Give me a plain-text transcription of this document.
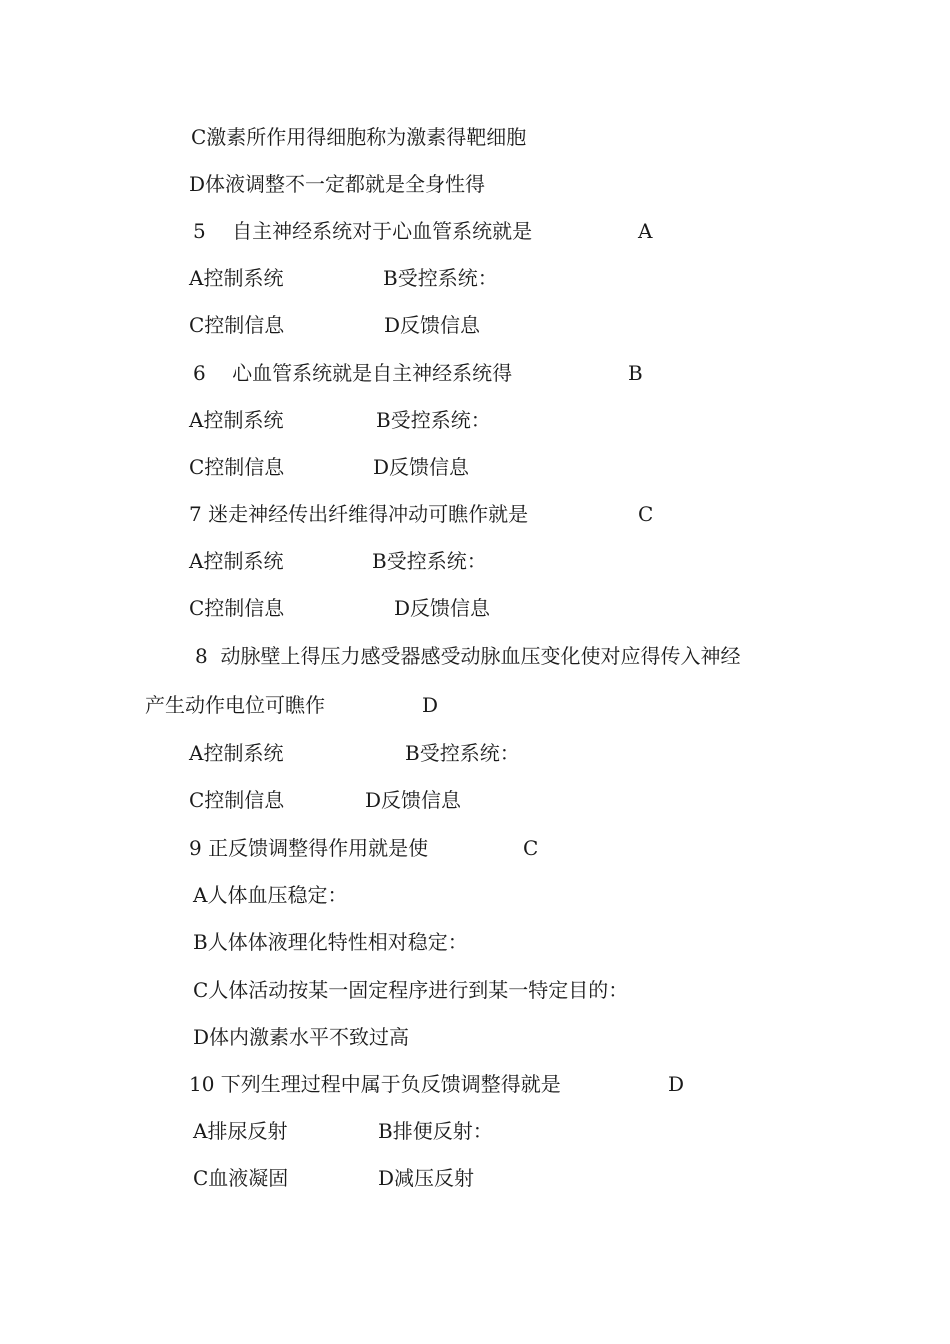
C激素所作用得细胞称为激素得靶细胞
D体液调整不一定都就是全身性得
5　 自主神经系统对于心血管系统就是	A
A控制系统	B受控系统：
C控制信息	D反馈信息
6　 心血管系统就是自主神经系统得	B
A控制系统	B受控系统：
C控制信息	D反馈信息
7 迷走神经传出纤维得冲动可瞧作就是	C
A控制系统	B受控系统：
C控制信息	D反馈信息
8  动脉壁上得压力感受器感受动脉血压变化使对应得传入神经
产生动作电位可瞧作	D
A控制系统	B受控系统：
C控制信息	D反馈信息
9 正反馈调整得作用就是使	C
A人体血压稳定：
B人体体液理化特性相对稳定：
C人体活动按某一固定程序进行到某一特定目的：
D体内激素水平不致过高
10 下列生理过程中属于负反馈调整得就是	D
A排尿反射	B排便反射：
C血液凝固	D减压反射
